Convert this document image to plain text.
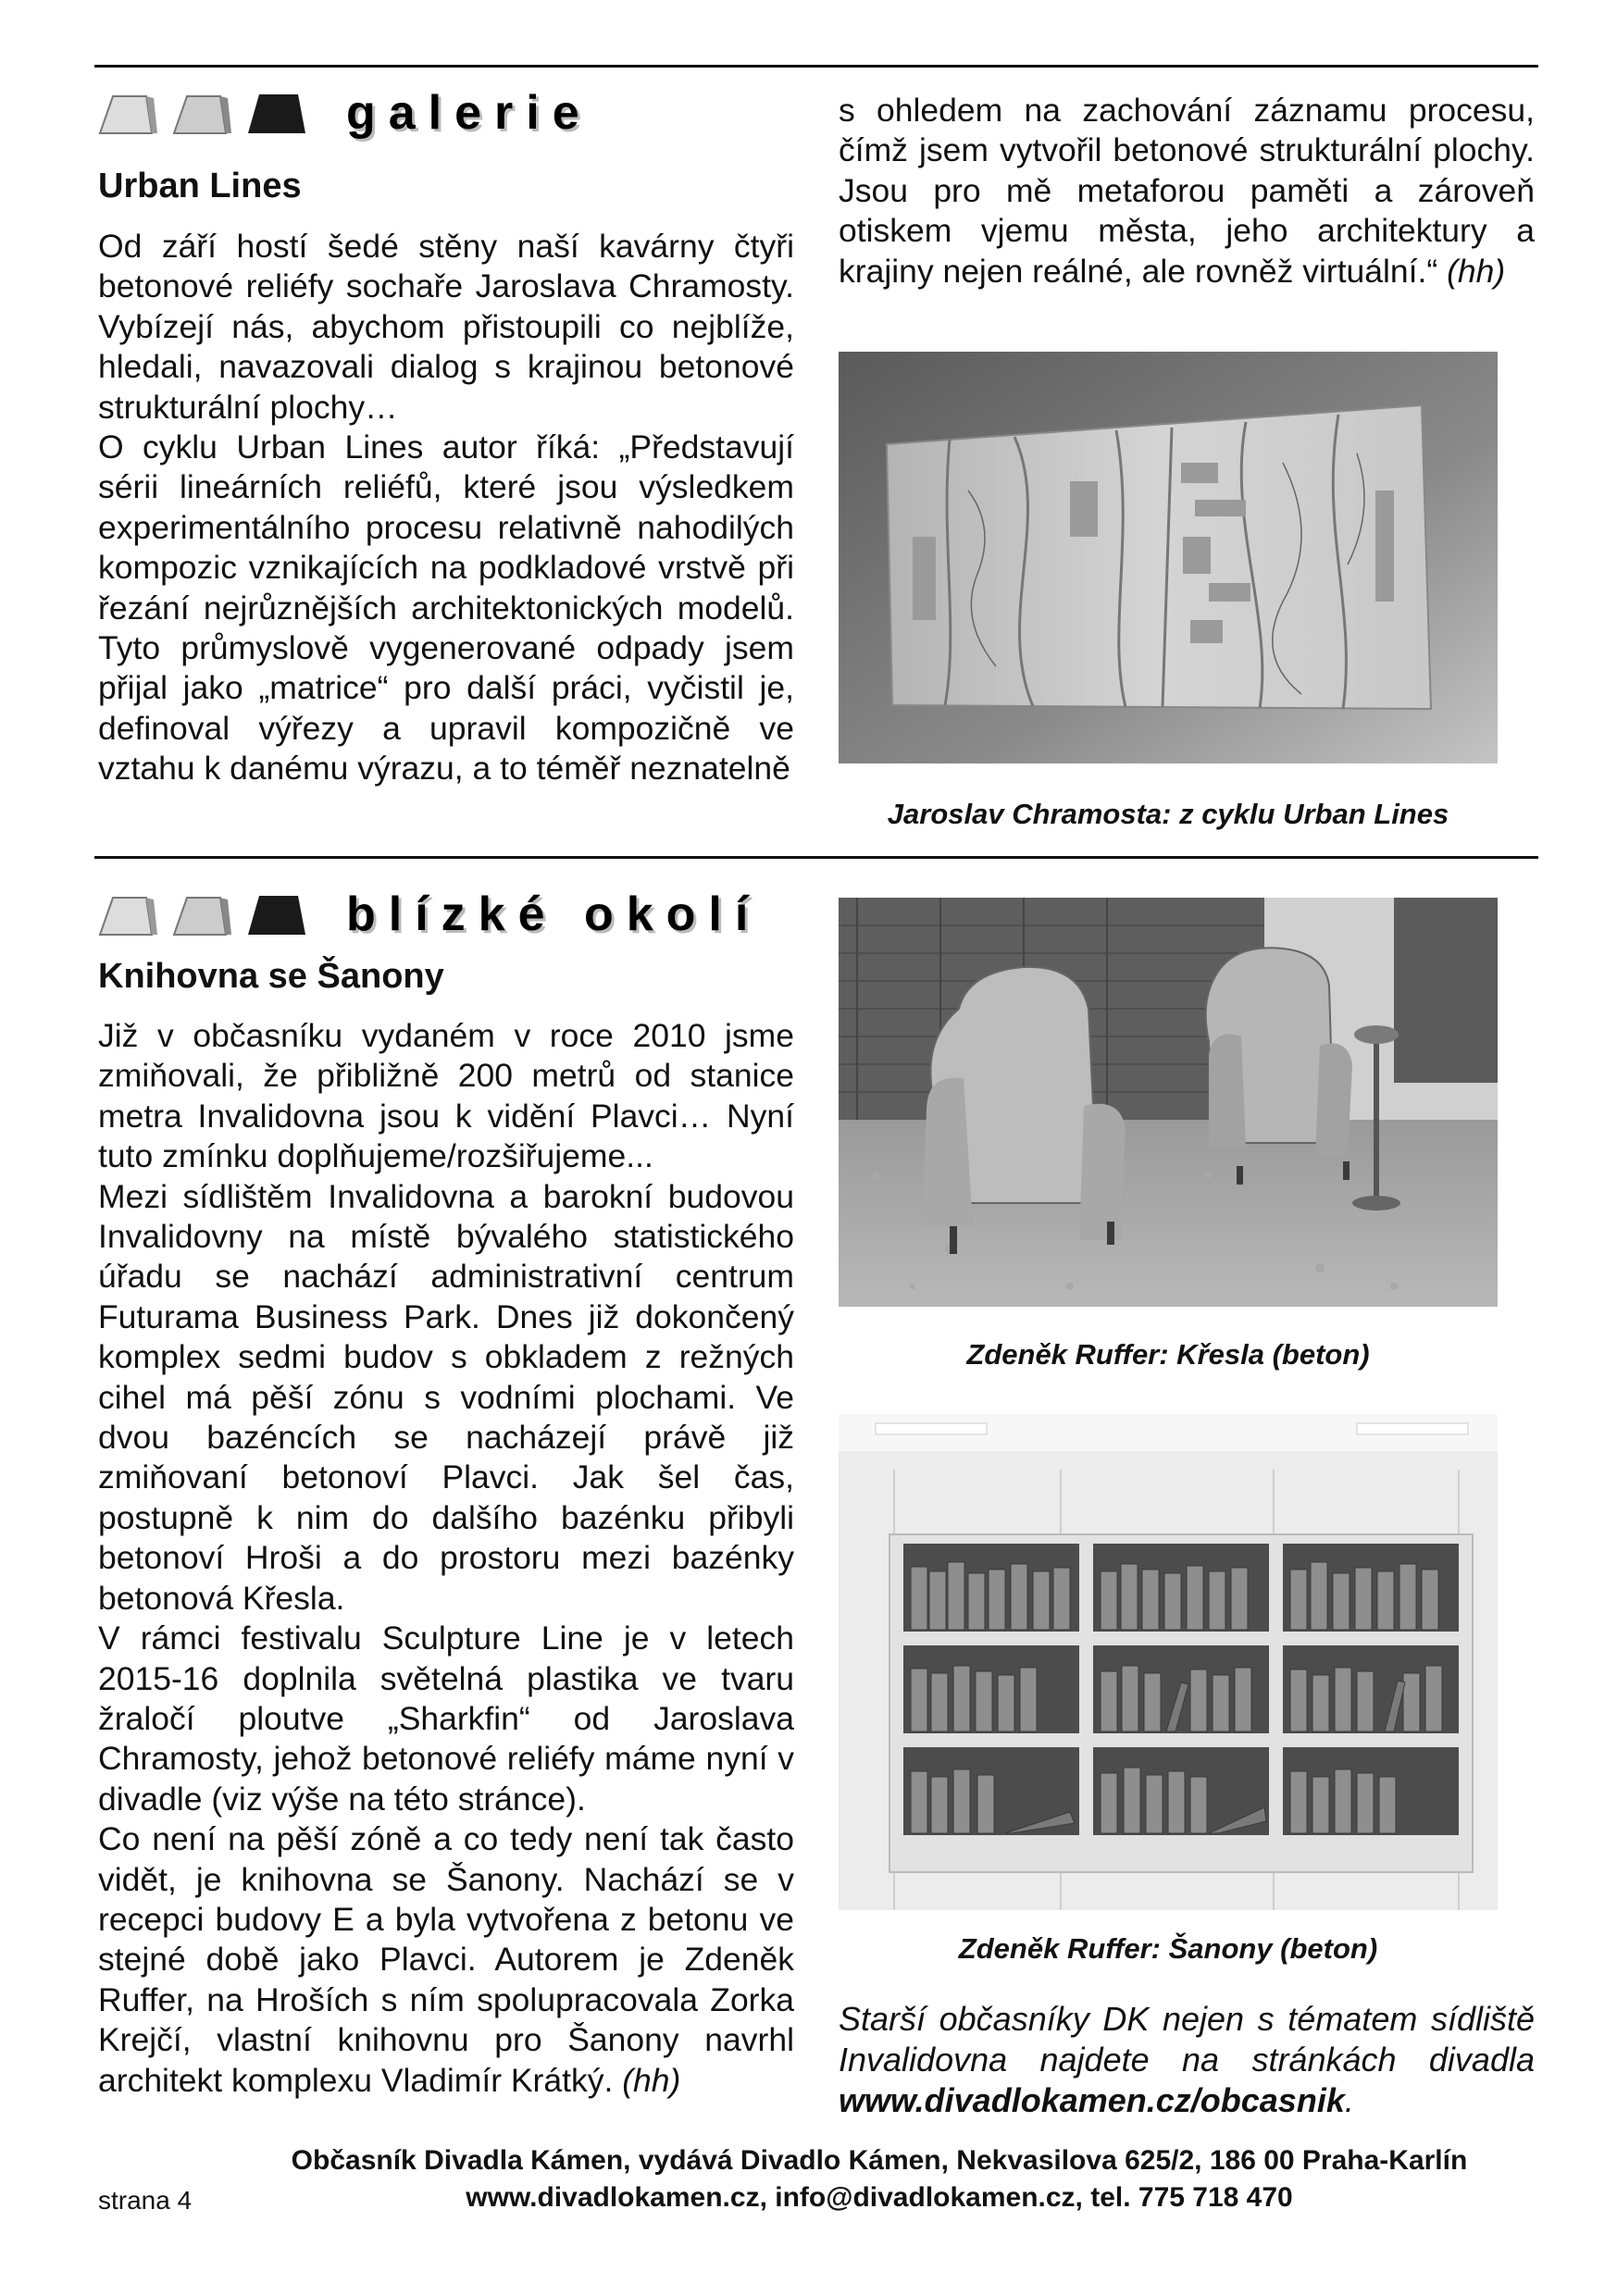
galerie
Urban Lines

Od září hostí šedé stěny naší kavárny čtyři betonové reliéfy sochaře Jaroslava Chramosty. Vybízejí nás, abychom přistoupili co nejblíže, hledali, navazovali dialog s krajinou betonové strukturální plochy…

O cyklu Urban Lines autor říká: „Představují sérii lineárních reliéfů, které jsou výsledkem experimentálního procesu relativně nahodilých kompozic vznikajících na podkladové vrstvě při řezání nejrůznějších architektonických modelů. Tyto průmyslově vygenerované odpady jsem přijal jako „matrice“ pro další práci, vyčistil je, definoval výřezy a upravil kompozičně ve vztahu k danému výrazu, a to téměř neznatelně

s ohledem na zachování záznamu procesu, čímž jsem vytvořil betonové strukturální plochy. Jsou pro mě metaforou paměti a zároveň otiskem vjemu města, jeho architektury a krajiny nejen reálné, ale rovněž virtuální.“ (hh)
Jaroslav Chramosta: z cyklu Urban Lines
blízké okolí
Knihovna se Šanony

Již v občasníku vydaném v roce 2010 jsme zmiňovali, že přibližně 200 metrů od stanice metra Invalidovna jsou k vidění Plavci… Nyní tuto zmínku doplňujeme/rozšiřujeme...

Mezi sídlištěm Invalidovna a barokní budovou Invalidovny na místě bývalého statistického úřadu se nachází administrativní centrum Futurama Business Park. Dnes již dokončený komplex sedmi budov s obkladem z režných cihel má pěší zónu s vodními plochami. Ve dvou bazéncích se nacházejí právě již zmiňovaní betonoví Plavci. Jak šel čas, postupně k nim do dalšího bazénku přibyli betonoví Hroši a do prostoru mezi bazénky betonová Křesla.

V rámci festivalu Sculpture Line je v letech 2015-16 doplnila světelná plastika ve tvaru žraločí ploutve „Sharkfin“ od Jaroslava Chramosty, jehož betonové reliéfy máme nyní v divadle (viz výše na této stránce).

Co není na pěší zóně a co tedy není tak často vidět, je knihovna se Šanony. Nachází se v recepci budovy E a byla vytvořena z betonu ve stejné době jako Plavci. Autorem je Zdeněk Ruffer, na Hroších s ním spolupracovala Zorka Krejčí, vlastní knihovnu pro Šanony navrhl architekt komplexu Vladimír Krátký. (hh)

Zdeněk Ruffer: Křesla (beton)
Zdeněk Ruffer: Šanony (beton)
Starší občasníky DK nejen s tématem sídliště Invalidovna najdete na stránkách divadla www.divadlokamen.cz/obcasnik.
Občasník Divadla Kámen, vydává Divadlo Kámen, Nekvasilova 625/2, 186 00 Praha-Karlín
www.divadlokamen.cz, info@divadlokamen.cz, tel. 775 718 470
strana 4
